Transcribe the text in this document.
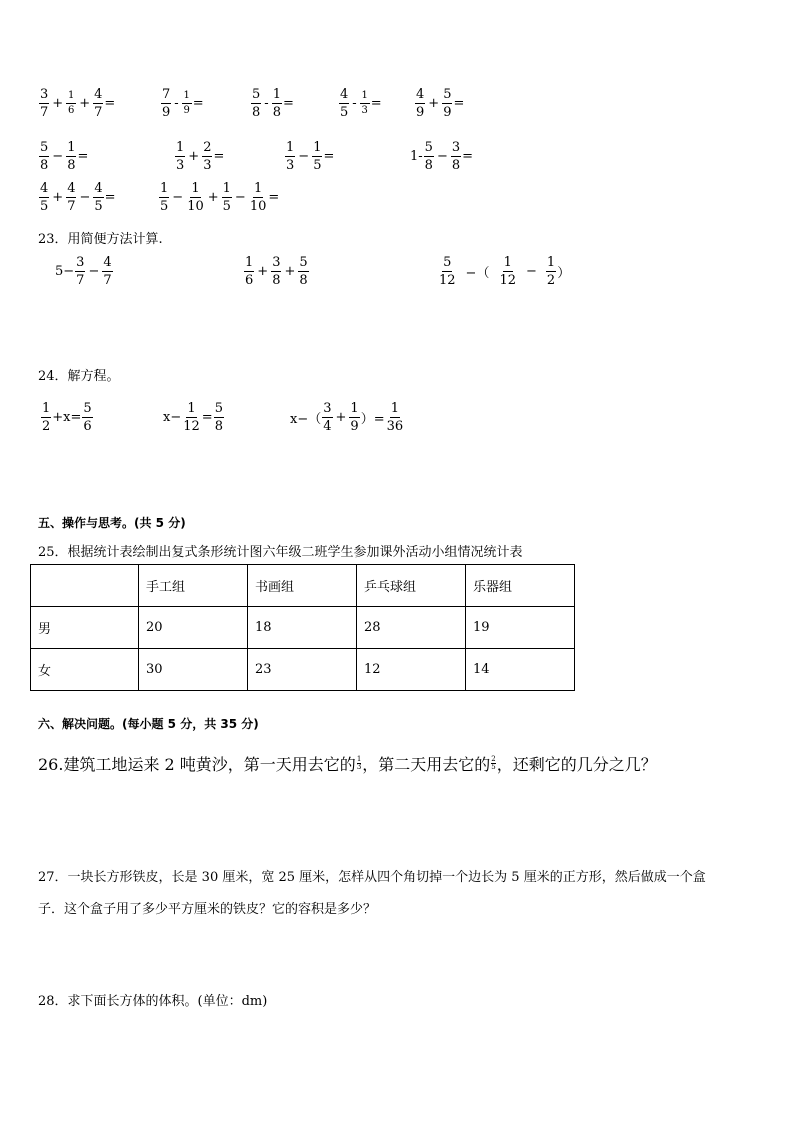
$\frac{3}{7} + \frac{1}{6} + \frac{4}{7}$ =	$\frac{7}{9} - \frac{1}{9}$ =	$\frac{5}{8} - \frac{1}{8}$ =	$\frac{4}{5} - \frac{1}{3}$ =	$\frac{4}{9} + \frac{5}{9}$ =
$\frac{5}{8} - \frac{1}{8}$ =	$\frac{1}{3} + \frac{2}{3}$ =	$\frac{1}{3} - \frac{1}{5}$ =	$1- \frac{5}{8} - \frac{3}{8}$ =
$\frac{4}{5} + \frac{4}{7} - \frac{4}{5}$ =	$\frac{1}{5} - \frac{1}{10} + \frac{1}{5} - \frac{1}{10}$ =
23．用简便方法计算.
$5- \frac{3}{7} - \frac{4}{7}$	$\frac{1}{6} + \frac{3}{8} + \frac{5}{8}$	$\frac{5}{12}$ −（ $\frac{1}{12} - \frac{1}{2}$ ）
24．解方程。
$\frac{1}{2} +x= \frac{5}{6}$	$x- \frac{1}{12} = \frac{5}{8}$	$x-( \frac{3}{4} + \frac{1}{9}$ ）= $\frac{1}{36}$
五、操作与思考。(共 5 分)
25．根据统计表绘制出复式条形统计图六年级二班学生参加课外活动小组情况统计表
	手工组	书画组	乒乓球组	乐器组
男	20	18	28	19
女	30	23	12	14
六、解决问题。(每小题 5 分，共 35 分)
26.建筑工地运来 2 吨黄沙，第一天用去它的 $\frac{1}{3}$ ，第二天用去它的 $\frac{2}{5}$ ，还剩它的几分之几？
27．一块长方形铁皮，长是 30 厘米，宽 25 厘米，怎样从四个角切掉一个边长为 5 厘米的正方形，然后做成一个盒
子．这个盒子用了多少平方厘米的铁皮？它的容积是多少？
28．求下面长方体的体积。(单位：dm)
